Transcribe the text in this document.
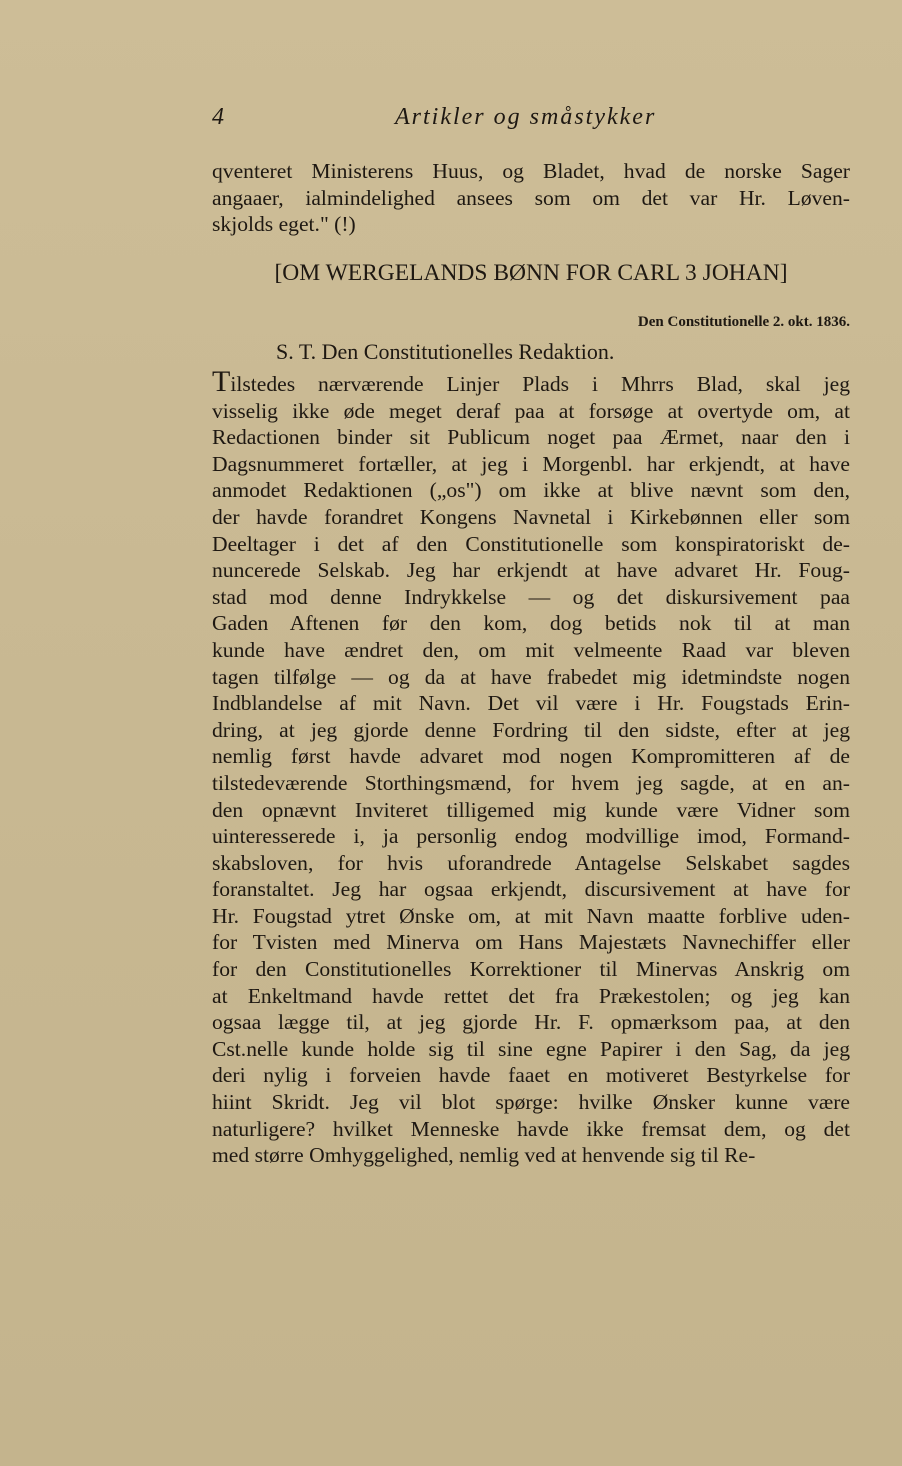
4	Artikler og småstykker
qventeret Ministerens Huus, og Bladet, hvad de norske Sager
angaaer, ialmindelighed ansees som om det var Hr. Løven-
skjolds eget." (!)
[OM WERGELANDS BØNN FOR CARL 3 JOHAN]
Den Constitutionelle 2. okt. 1836.
S. T. Den Constitutionelles Redaktion.
Tilstedes nærværende Linjer Plads i Mhrrs Blad, skal jeg
visselig ikke øde meget deraf paa at forsøge at overtyde om, at
Redactionen binder sit Publicum noget paa Ærmet, naar den i
Dagsnummeret fortæller, at jeg i Morgenbl. har erkjendt, at have
anmodet Redaktionen („os") om ikke at blive nævnt som den,
der havde forandret Kongens Navnetal i Kirkebønnen eller som
Deeltager i det af den Constitutionelle som konspiratoriskt de-
nuncerede Selskab. Jeg har erkjendt at have advaret Hr. Foug-
stad mod denne Indrykkelse — og det diskursivement paa
Gaden Aftenen før den kom, dog betids nok til at man
kunde have ændret den, om mit velmeente Raad var bleven
tagen tilfølge — og da at have frabedet mig idetmindste nogen
Indblandelse af mit Navn. Det vil være i Hr. Fougstads Erin-
dring, at jeg gjorde denne Fordring til den sidste, efter at jeg
nemlig først havde advaret mod nogen Kompromitteren af de
tilstedeværende Storthingsmænd, for hvem jeg sagde, at en an-
den opnævnt Inviteret tilligemed mig kunde være Vidner som
uinteresserede i, ja personlig endog modvillige imod, Formand-
skabsloven, for hvis uforandrede Antagelse Selskabet sagdes
foranstaltet. Jeg har ogsaa erkjendt, discursivement at have for
Hr. Fougstad ytret Ønske om, at mit Navn maatte forblive uden-
for Tvisten med Minerva om Hans Majestæts Navnechiffer eller
for den Constitutionelles Korrektioner til Minervas Anskrig om
at Enkeltmand havde rettet det fra Prækestolen; og jeg kan
ogsaa lægge til, at jeg gjorde Hr. F. opmærksom paa, at den
Cst.nelle kunde holde sig til sine egne Papirer i den Sag, da jeg
deri nylig i forveien havde faaet en motiveret Bestyrkelse for
hiint Skridt. Jeg vil blot spørge: hvilke Ønsker kunne være
naturligere? hvilket Menneske havde ikke fremsat dem, og det
med større Omhyggelighed, nemlig ved at henvende sig til Re-
